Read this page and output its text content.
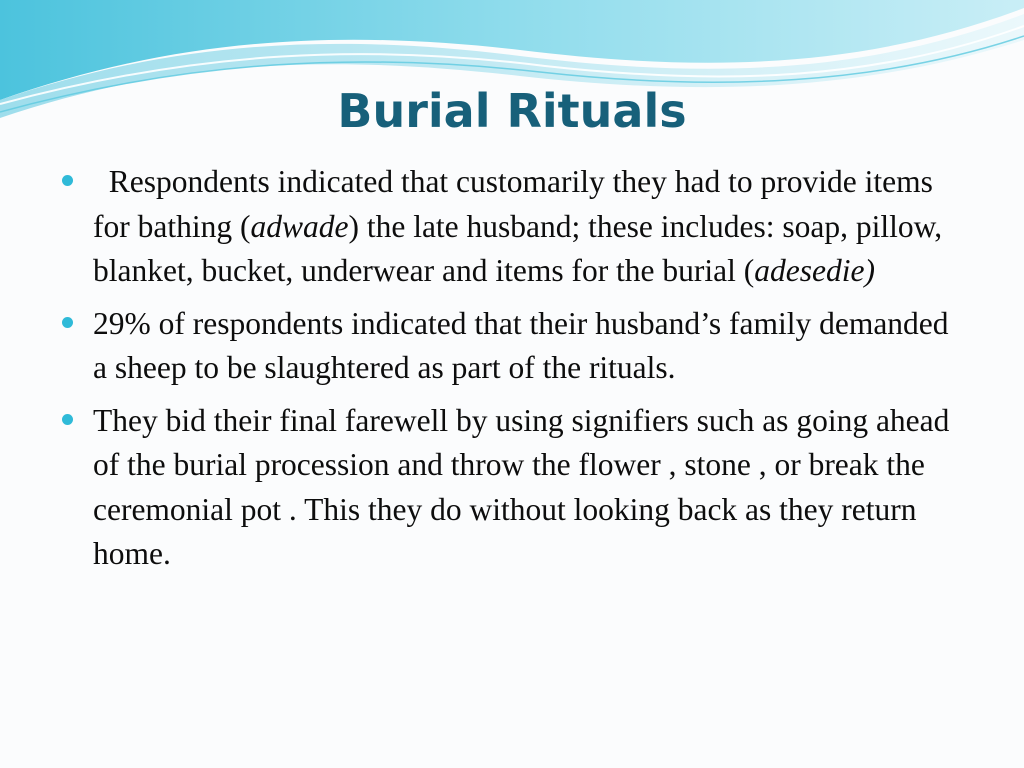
Burial Rituals
Respondents indicated that customarily they had to provide items for bathing (adwade) the late husband; these includes: soap, pillow, blanket, bucket, underwear and items for the burial (adesedie)
29% of respondents indicated that their husband’s family demanded a sheep to be slaughtered as part of the rituals.
They bid their final farewell by using signifiers such as going ahead of the burial procession and throw the flower , stone , or break the ceremonial pot . This they do without looking back as they return home.
